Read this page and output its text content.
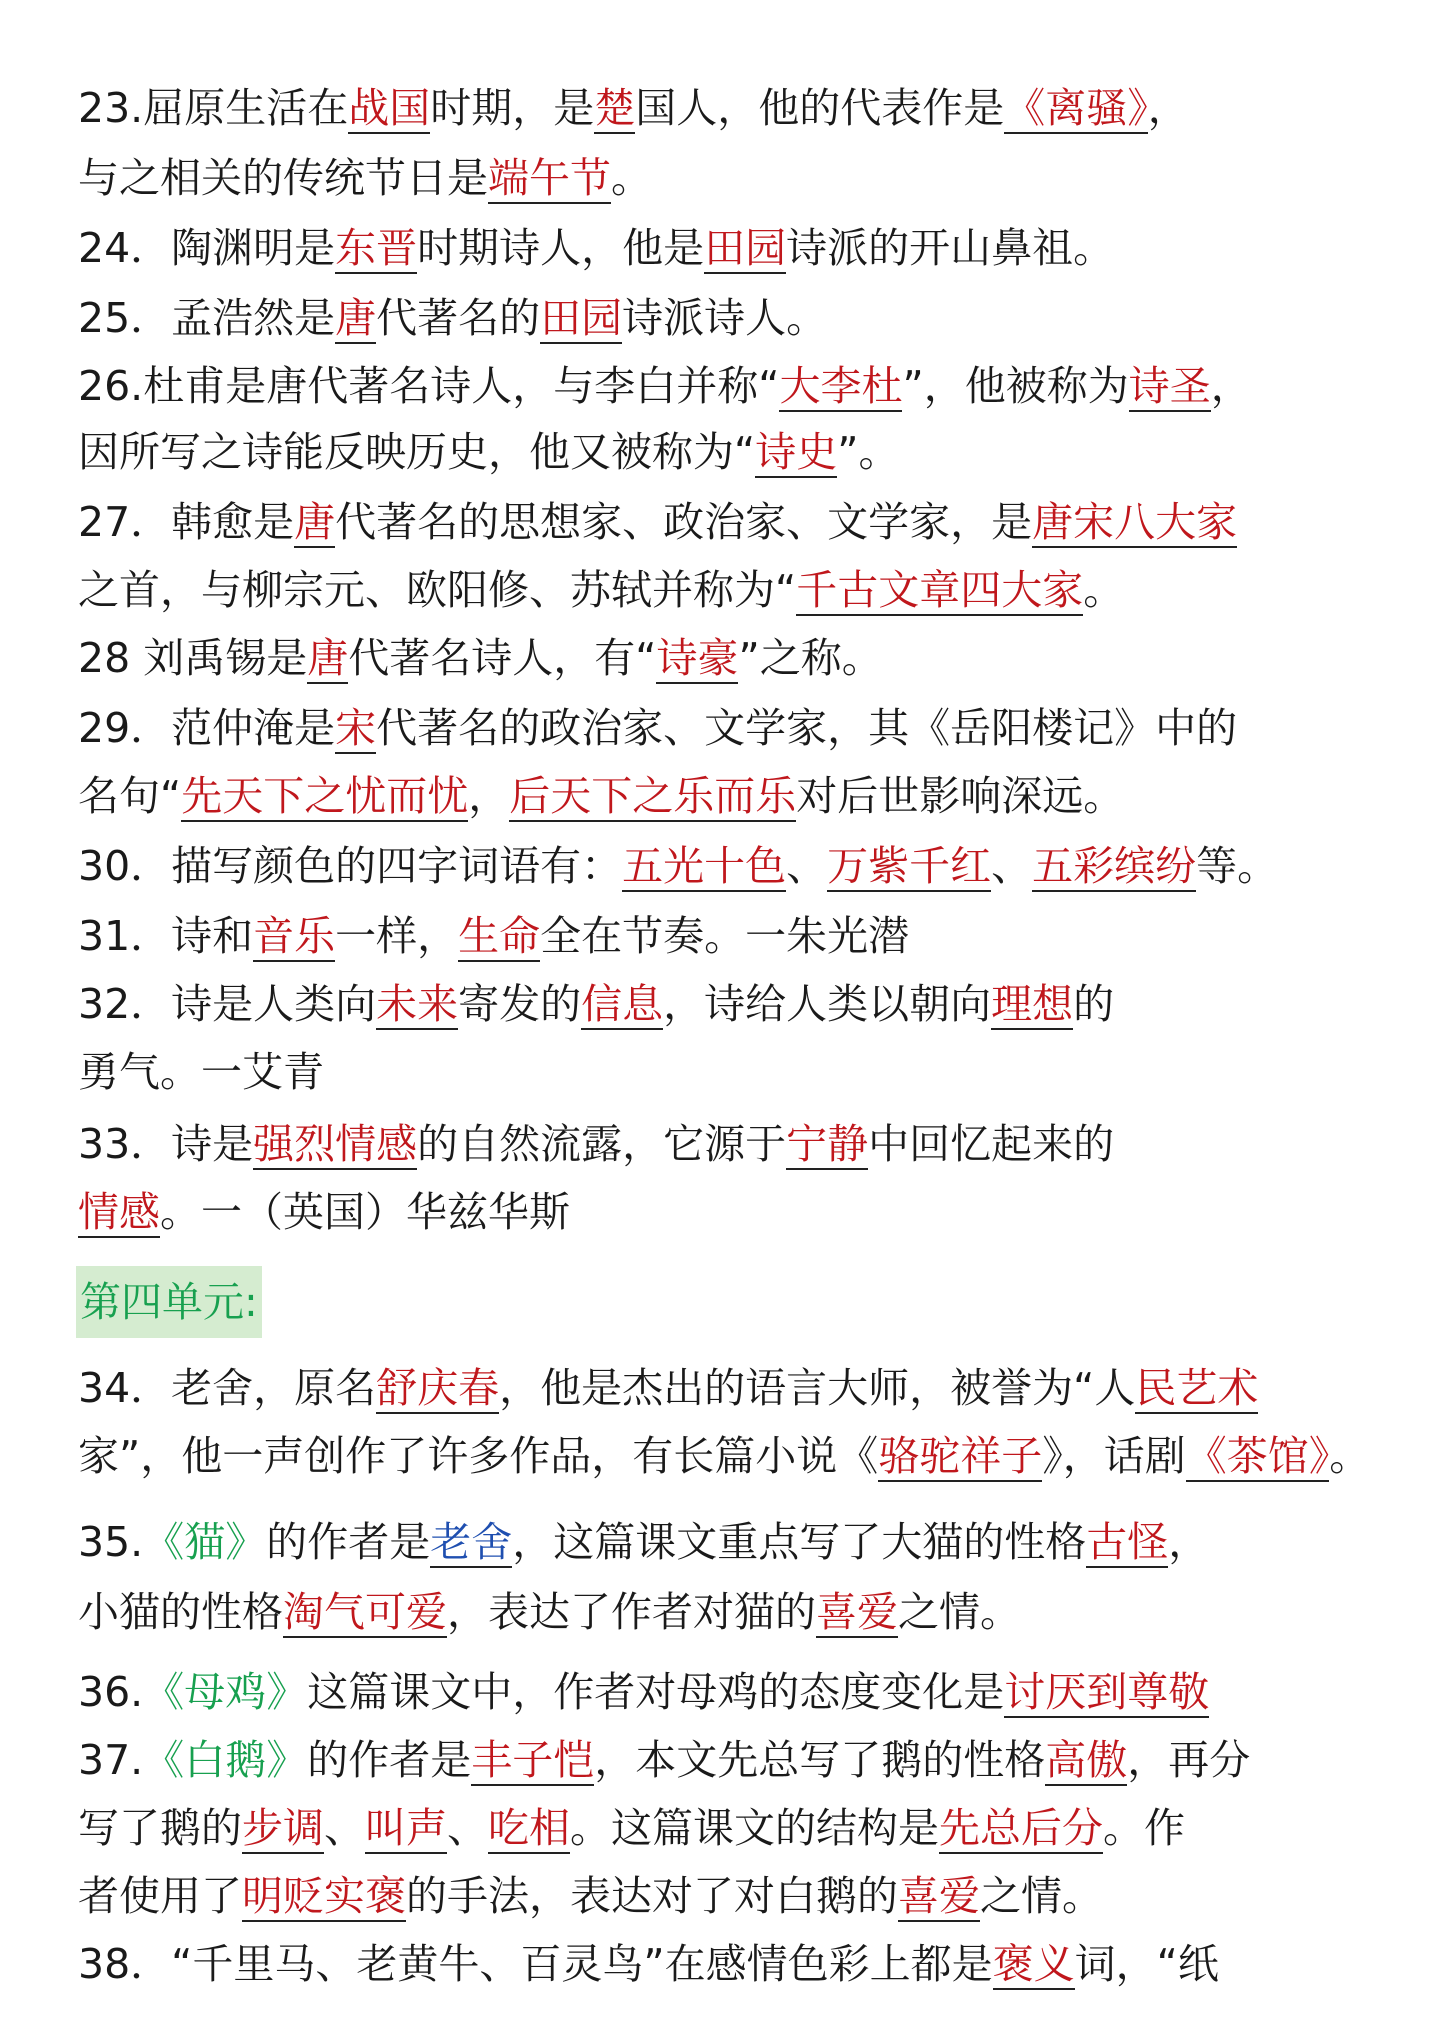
第四单元:
23.屈原生活在战国时期，是楚国人，他的代表作是《离骚》，
与之相关的传统节日是端午节。
24．陶渊明是东晋时期诗人，他是田园诗派的开山鼻祖。
25．孟浩然是唐代著名的田园诗派诗人。
26.杜甫是唐代著名诗人，与李白并称“大李杜”，他被称为诗圣，
因所写之诗能反映历史，他又被称为“诗史”。
27．韩愈是唐代著名的思想家、政治家、文学家，是唐宋八大家
之首，与柳宗元、欧阳修、苏轼并称为“千古文章四大家。
28 刘禹锡是唐代著名诗人，有“诗豪”之称。
29．范仲淹是宋代著名的政治家、文学家，其《岳阳楼记》中的
名句“先天下之忧而忧，后天下之乐而乐对后世影响深远。
30．描写颜色的四字词语有：五光十色、万紫千红、五彩缤纷等。
31．诗和音乐一样，生命全在节奏。一朱光潜
32．诗是人类向未来寄发的信息，诗给人类以朝向理想的
勇气。一艾青
33．诗是强烈情感的自然流露，它源于宁静中回忆起来的
情感。一（英国）华兹华斯
34．老舍，原名舒庆春，他是杰出的语言大师，被誉为“人民艺术
家”，他一声创作了许多作品，有长篇小说《骆驼祥子》，话剧《茶馆》。
35.《猫》的作者是老舍，这篇课文重点写了大猫的性格古怪，
小猫的性格淘气可爱，表达了作者对猫的喜爱之情。
36.《母鸡》这篇课文中，作者对母鸡的态度变化是讨厌到尊敬
37.《白鹅》的作者是丰子恺，本文先总写了鹅的性格高傲，再分
写了鹅的步调、叫声、吃相。这篇课文的结构是先总后分。作
者使用了明贬实褒的手法，表达对了对白鹅的喜爱之情。
38．“千里马、老黄牛、百灵鸟”在感情色彩上都是褒义词，“纸
